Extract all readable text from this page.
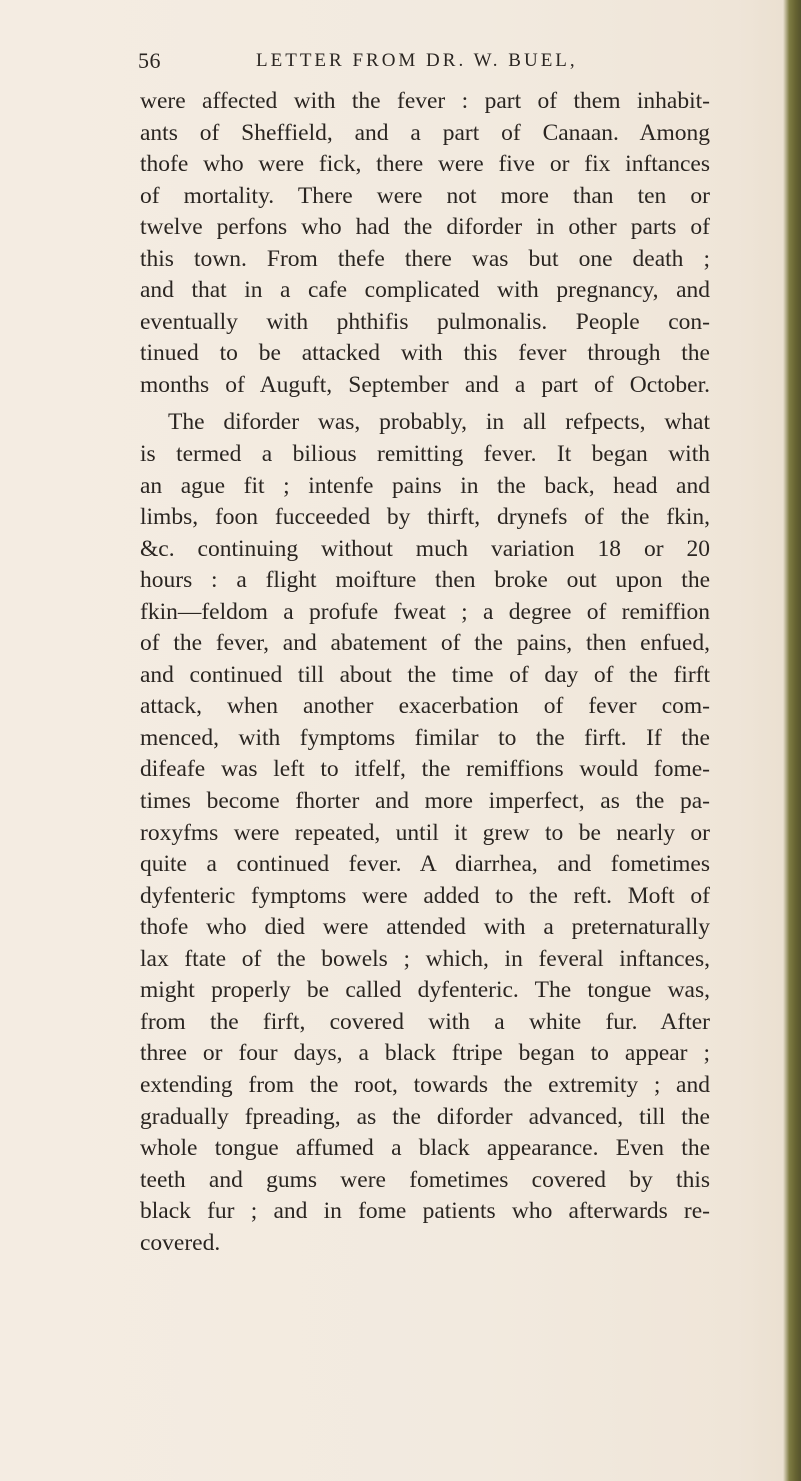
56	LETTER FROM DR. W. BUEL,
were affected with the fever : part of them inhabit-
ants of Sheffield, and a part of Canaan. Among
thofe who were fick, there were five or fix inftances
of mortality. There were not more than ten or
twelve perfons who had the diforder in other parts of
this town. From thefe there was but one death ;
and that in a cafe complicated with pregnancy, and
eventually with phthifis pulmonalis. People con-
tinued to be attacked with this fever through the
months of Auguft, September and a part of October.
The diforder was, probably, in all refpects, what
is termed a bilious remitting fever. It began with
an ague fit ; intenfe pains in the back, head and
limbs, foon fucceeded by thirft, drynefs of the fkin,
&c. continuing without much variation 18 or 20
hours : a flight moifture then broke out upon the
fkin—feldom a profufe fweat ; a degree of remiffion
of the fever, and abatement of the pains, then enfued,
and continued till about the time of day of the firft
attack, when another exacerbation of fever com-
menced, with fymptoms fimilar to the firft. If the
difeafe was left to itfelf, the remiffions would fome-
times become fhorter and more imperfect, as the pa-
roxyfms were repeated, until it grew to be nearly or
quite a continued fever. A diarrhea, and fometimes
dyfenteric fymptoms were added to the reft. Moft of
thofe who died were attended with a preternaturally
lax ftate of the bowels ; which, in feveral inftances,
might properly be called dyfenteric. The tongue was,
from the firft, covered with a white fur. After
three or four days, a black ftripe began to appear ;
extending from the root, towards the extremity ; and
gradually fpreading, as the diforder advanced, till the
whole tongue affumed a black appearance. Even the
teeth and gums were fometimes covered by this
black fur ; and in fome patients who afterwards re-
covered.
